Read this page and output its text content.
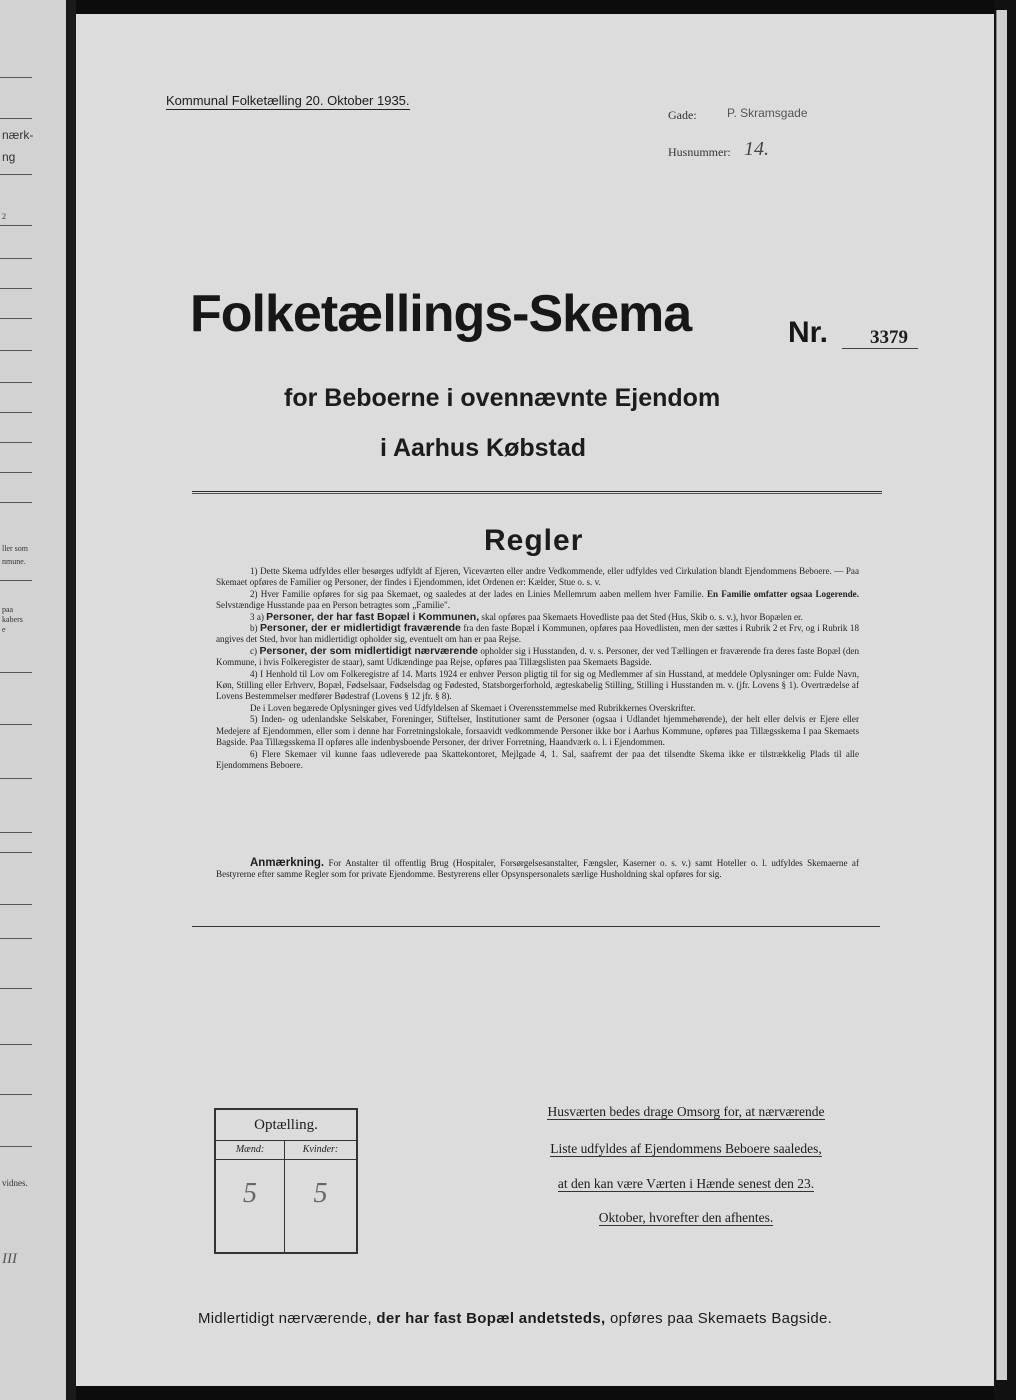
nærk-
ng
2
ller som
nmune.
paa
kabers
e
vidnes.
III
Kommunal Folketælling 20. Oktober 1935.
Gade:	P. Skramsgade
Husnummer: 14.
Folketællings-Skema	Nr. 3379
for Beboerne i ovennævnte Ejendom
i Aarhus Købstad
Regler

1) Dette Skema udfyldes eller besørges udfyldt af Ejeren, Viceværten eller andre Vedkommende, eller udfyldes ved Cirkulation blandt Ejendommens Beboere. — Paa Skemaet opføres de Familier og Personer, der findes i Ejendommen, idet Ordenen er: Kælder, Stue o. s. v.

2) Hver Familie opføres for sig paa Skemaet, og saaledes at der lades en Linies Mellemrum aaben mellem hver Familie. En Familie omfatter ogsaa Logerende. Selvstændige Husstande paa en Person betragtes som „Familie".

3 a) Personer, der har fast Bopæl i Kommunen, skal opføres paa Skemaets Hovedliste paa det Sted (Hus, Skib o. s. v.), hvor Bopælen er.

b) Personer, der er midlertidigt fraværende fra den faste Bopæl i Kommunen, opføres paa Hovedlisten, men der sættes i Rubrik 2 et Frv, og i Rubrik 18 angives det Sted, hvor han midlertidigt opholder sig, eventuelt om han er paa Rejse.

c) Personer, der som midlertidigt nærværende opholder sig i Husstanden, d. v. s. Personer, der ved Tællingen er fraværende fra deres faste Bopæl (den Kommune, i hvis Folkeregister de staar), samt Udkændinge paa Rejse, opføres paa Tillægslisten paa Skemaets Bagside.

4) I Henhold til Lov om Folkeregistre af 14. Marts 1924 er enhver Person pligtig til for sig og Medlemmer af sin Husstand, at meddele Oplysninger om: Fulde Navn, Køn, Stilling eller Erhverv, Bopæl, Fødselsaar, Fødselsdag og Fødested, Statsborgerforhold, ægteskabelig Stilling, Stilling i Husstanden m. v. (jfr. Lovens § 1). Overtrædelse af Lovens Bestemmelser medfører Bødestraf (Lovens § 12 jfr. § 8).

De i Loven begærede Oplysninger gives ved Udfyldelsen af Skemaet i Overensstemmelse med Rubrikkernes Overskrifter.

5) Inden- og udenlandske Selskaber, Foreninger, Stiftelser, Institutioner samt de Personer (ogsaa i Udlandet hjemmehørende), der helt eller delvis er Ejere eller Medejere af Ejendommen, eller som i denne har Forretningslokale, forsaavidt vedkommende Personer ikke bor i Aarhus Kommune, opføres paa Tillægsskema I paa Skemaets Bagside. Paa Tillægsskema II opføres alle indenbysboende Personer, der driver Forretning, Haandværk o. l. i Ejendommen.

6) Flere Skemaer vil kunne faas udleverede paa Skattekontoret, Mejlgade 4, 1. Sal, saafremt der paa det tilsendte Skema ikke er tilstrækkelig Plads til alle Ejendommens Beboere.

Anmærkning. For Anstalter til offentlig Brug (Hospitaler, Forsørgelsesanstalter, Fængsler, Kaserner o. s. v.) samt Hoteller o. l. udfyldes Skemaerne af Bestyrerne efter samme Regler som for private Ejendomme. Bestyrerens eller Opsynspersonalets særlige Husholdning skal opføres for sig.
Optælling.
Mænd:
5
Kvinder:
5
Husværten bedes drage Omsorg for, at nærværende
Liste udfyldes af Ejendommens Beboere saaledes,
at den kan være Værten i Hænde senest den 23.
Oktober, hvorefter den afhentes.
Midlertidigt nærværende, der har fast Bopæl andetsteds, opføres paa Skemaets Bagside.
